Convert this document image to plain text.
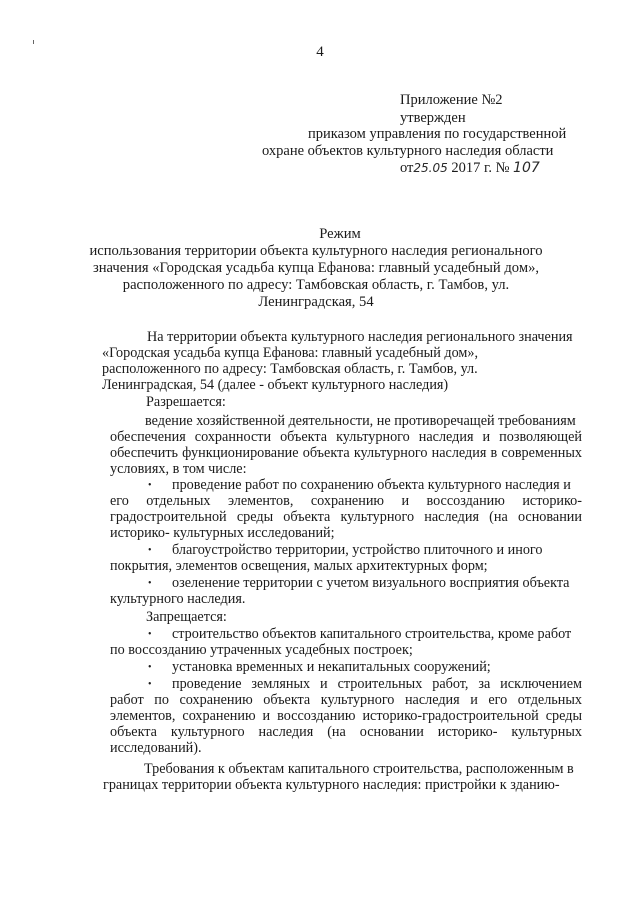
4
Приложение №2
утвержден
приказом управления по государственной
охране объектов культурного наследия области
от25.05 2017 г. № 107
Режим
использования территории объекта культурного наследия регионального
значения «Городская усадьба купца Ефанова: главный усадебный дом»,
расположенного по адресу: Тамбовская область, г. Тамбов, ул.
Ленинградская, 54
На территории объекта культурного наследия регионального значения
«Городская усадьба купца Ефанова: главный усадебный дом»,
расположенного по адресу: Тамбовская область, г. Тамбов, ул.
Ленинградская, 54 (далее - объект культурного наследия)
Разрешается:
ведение хозяйственной деятельности, не противоречащей требованиям
обеспечения сохранности объекта культурного наследия и позволяющей
обеспечить функционирование объекта культурного наследия в современных
условиях, в том числе:
• проведение работ по сохранению объекта культурного наследия и
его отдельных элементов, сохранению и воссозданию историко-
градостроительной среды объекта культурного наследия (на основании
историко- культурных исследований;
• благоустройство территории, устройство плиточного и иного
покрытия, элементов освещения, малых архитектурных форм;
• озеленение территории с учетом визуального восприятия объекта
культурного наследия.
Запрещается:
• строительство объектов капитального строительства, кроме работ
по воссозданию утраченных усадебных построек;
• установка временных и некапитальных сооружений;
• проведение земляных и строительных работ, за исключением
работ по сохранению объекта культурного наследия и его отдельных
элементов, сохранению и воссозданию историко-градостроительной среды
объекта культурного наследия (на основании историко- культурных
исследований).
Требования к объектам капитального строительства, расположенным в
границах территории объекта культурного наследия: пристройки к зданию-
